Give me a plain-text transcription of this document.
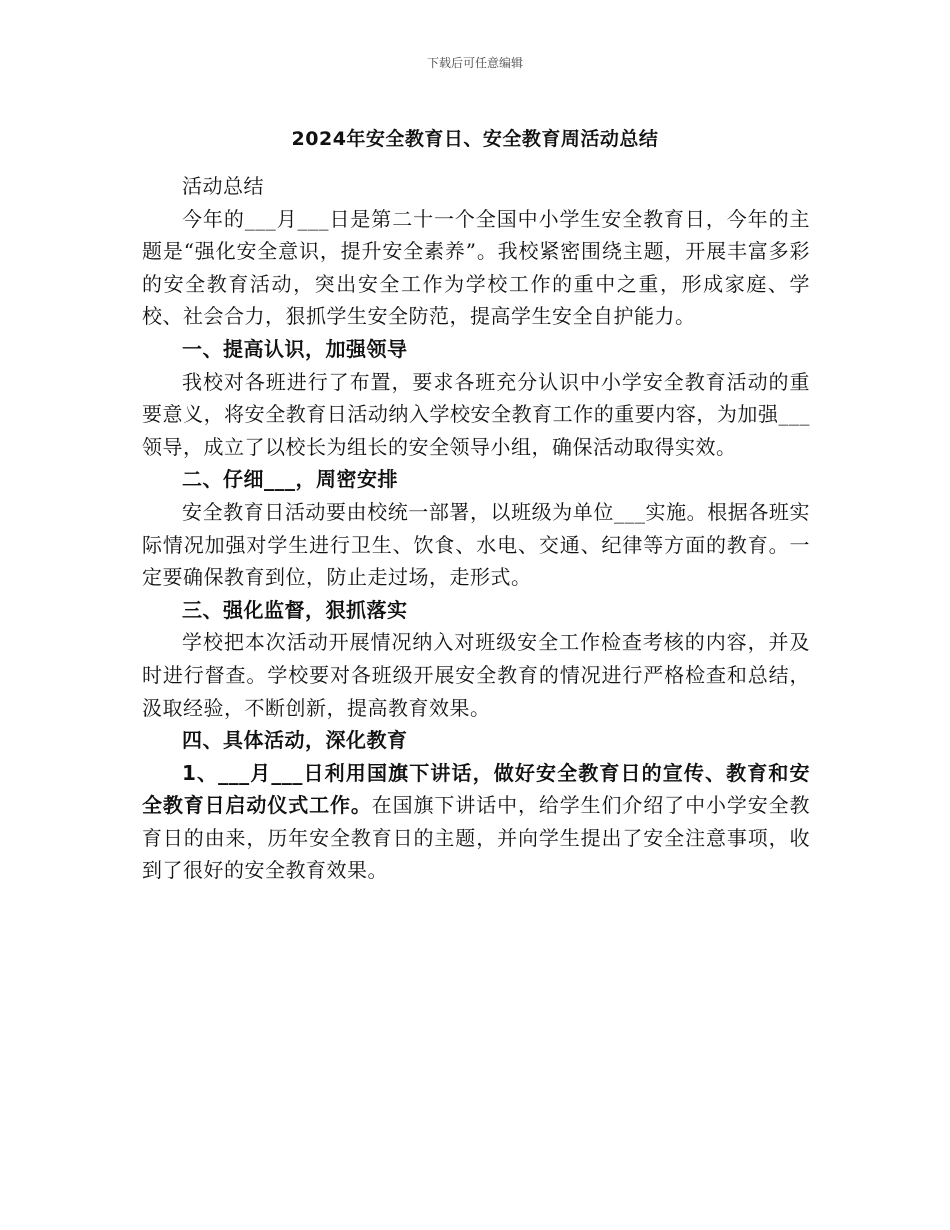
下载后可任意编辑
2024年安全教育日、安全教育周活动总结

活动总结

今年的___月___日是第二十一个全国中小学生安全教育日，今年的主题是“强化安全意识，提升安全素养”。我校紧密围绕主题，开展丰富多彩的安全教育活动，突出安全工作为学校工作的重中之重，形成家庭、学校、社会合力，狠抓学生安全防范，提高学生安全自护能力。

一、提高认识，加强领导

我校对各班进行了布置，要求各班充分认识中小学安全教育活动的重要意义，将安全教育日活动纳入学校安全教育工作的重要内容，为加强___领导，成立了以校长为组长的安全领导小组，确保活动取得实效。

二、仔细___，周密安排

安全教育日活动要由校统一部署，以班级为单位___实施。根据各班实际情况加强对学生进行卫生、饮食、水电、交通、纪律等方面的教育。一定要确保教育到位，防止走过场，走形式。

三、强化监督，狠抓落实

学校把本次活动开展情况纳入对班级安全工作检查考核的内容，并及时进行督查。学校要对各班级开展安全教育的情况进行严格检查和总结，汲取经验，不断创新，提高教育效果。

四、具体活动，深化教育

1、___月___日利用国旗下讲话，做好安全教育日的宣传、教育和安全教育日启动仪式工作。在国旗下讲话中，给学生们介绍了中小学安全教育日的由来，历年安全教育日的主题，并向学生提出了安全注意事项，收到了很好的安全教育效果。
